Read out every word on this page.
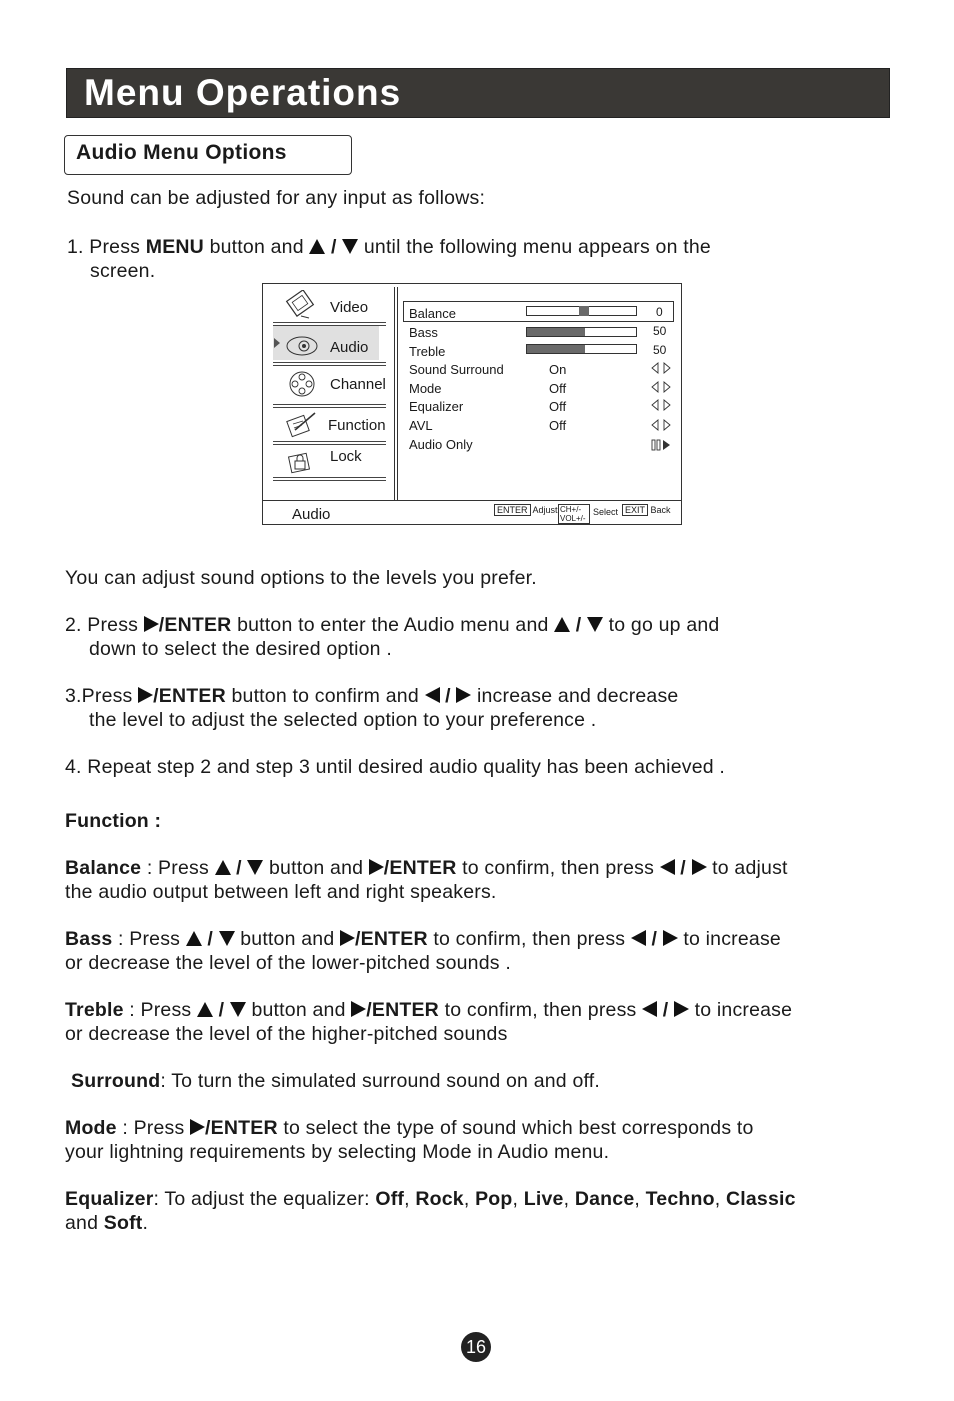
Menu Operations
Audio Menu Options
Sound can be adjusted for any input as follows:
1. Press MENU button and  /  until the following menu appears on the
screen.
Video
Audio
Channel
Function
Lock
Balance	0
Bass	50
Treble	50
Sound Surround	On
Mode	Off
Equalizer	Off
AVL	Off
Audio Only
Audio	ENTER Adjust CH+/-
VOL+/-
Select EXIT Back
You can adjust sound options to the levels you prefer.
2. Press /ENTER button to enter the Audio menu and  /  to go up and
down to select the desired option .
3.Press /ENTER button to confirm and  /  increase and decrease
the level to adjust the selected option to your preference .
4. Repeat step 2 and step 3 until desired audio quality has been achieved .
Function :
Balance : Press  /  button and /ENTER to confirm, then press  /  to adjust
the audio output between left and right speakers.
Bass : Press  /  button and /ENTER to confirm, then press  /  to increase
or decrease the level of the lower-pitched sounds .
Treble : Press  /  button and /ENTER to confirm, then press  /  to increase
or decrease the level of the higher-pitched sounds
Surround: To turn the simulated surround sound on and off.
Mode : Press /ENTER to select the type of sound which best corresponds to
your lightning requirements by selecting Mode in Audio menu.
Equalizer: To adjust the equalizer: Off, Rock, Pop, Live, Dance, Techno, Classic
and Soft.
16
